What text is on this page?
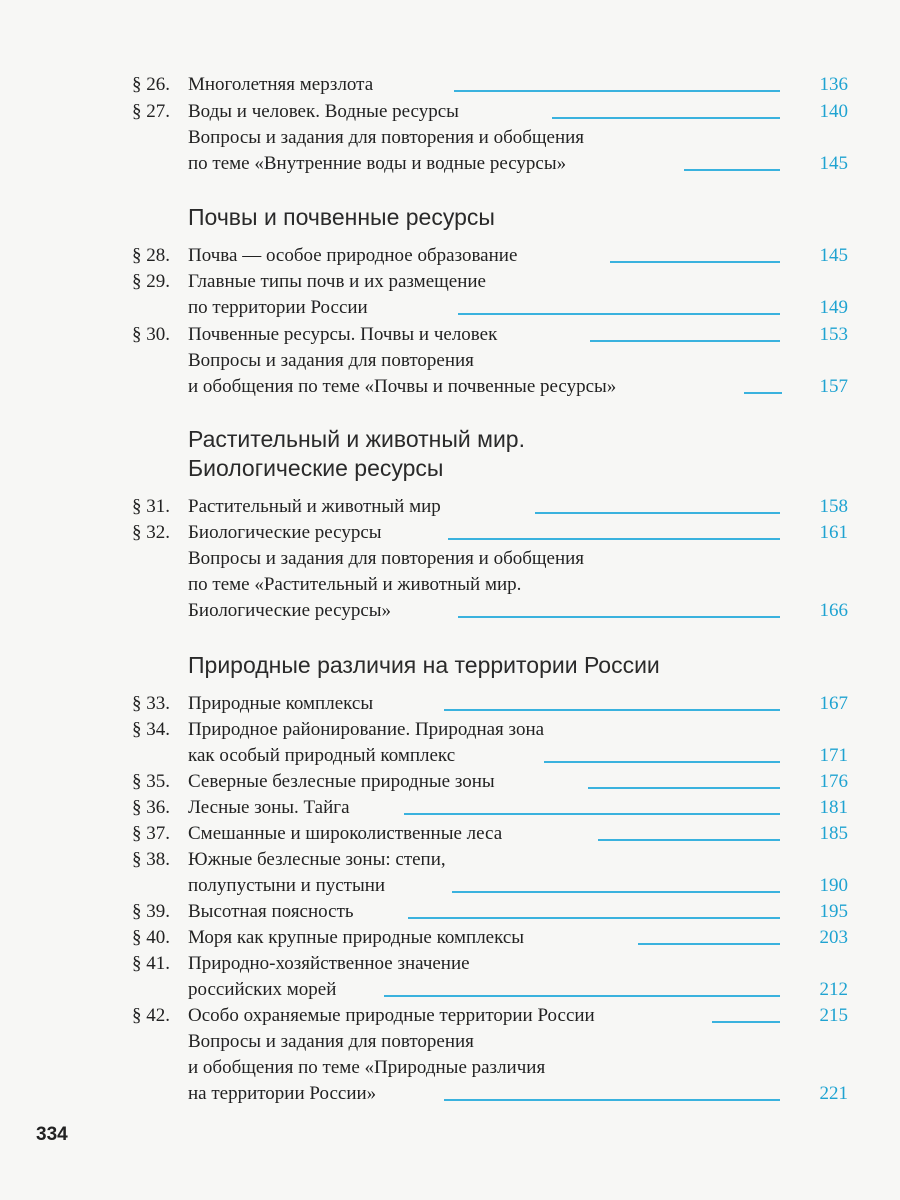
§ 26. Многолетняя мерзлота	136
§ 27. Воды и человек. Водные ресурсы	140
Вопросы и задания для повторения и обобщения
по теме «Внутренние воды и водные ресурсы»	145
Почвы и почвенные ресурсы
§ 28. Почва — особое природное образование	145
§ 29. Главные типы почв и их размещение
по территории России	149
§ 30. Почвенные ресурсы. Почвы и человек	153
Вопросы и задания для повторения
и обобщения по теме «Почвы и почвенные ресурсы»	157
Растительный и животный мир.
Биологические ресурсы
§ 31. Растительный и животный мир	158
§ 32. Биологические ресурсы	161
Вопросы и задания для повторения и обобщения
по теме «Растительный и животный мир.
Биологические ресурсы»	166
Природные различия на территории России
§ 33. Природные комплексы	167
§ 34. Природное районирование. Природная зона
как особый природный комплекс	171
§ 35. Северные безлесные природные зоны	176
§ 36. Лесные зоны. Тайга	181
§ 37. Смешанные и широколиственные леса	185
§ 38. Южные безлесные зоны: степи,
полупустыни и пустыни	190
§ 39. Высотная поясность	195
§ 40. Моря как крупные природные комплексы	203
§ 41. Природно-хозяйственное значение
российских морей	212
§ 42. Особо охраняемые природные территории России	215
Вопросы и задания для повторения
и обобщения по теме «Природные различия
на территории России»	221
334
